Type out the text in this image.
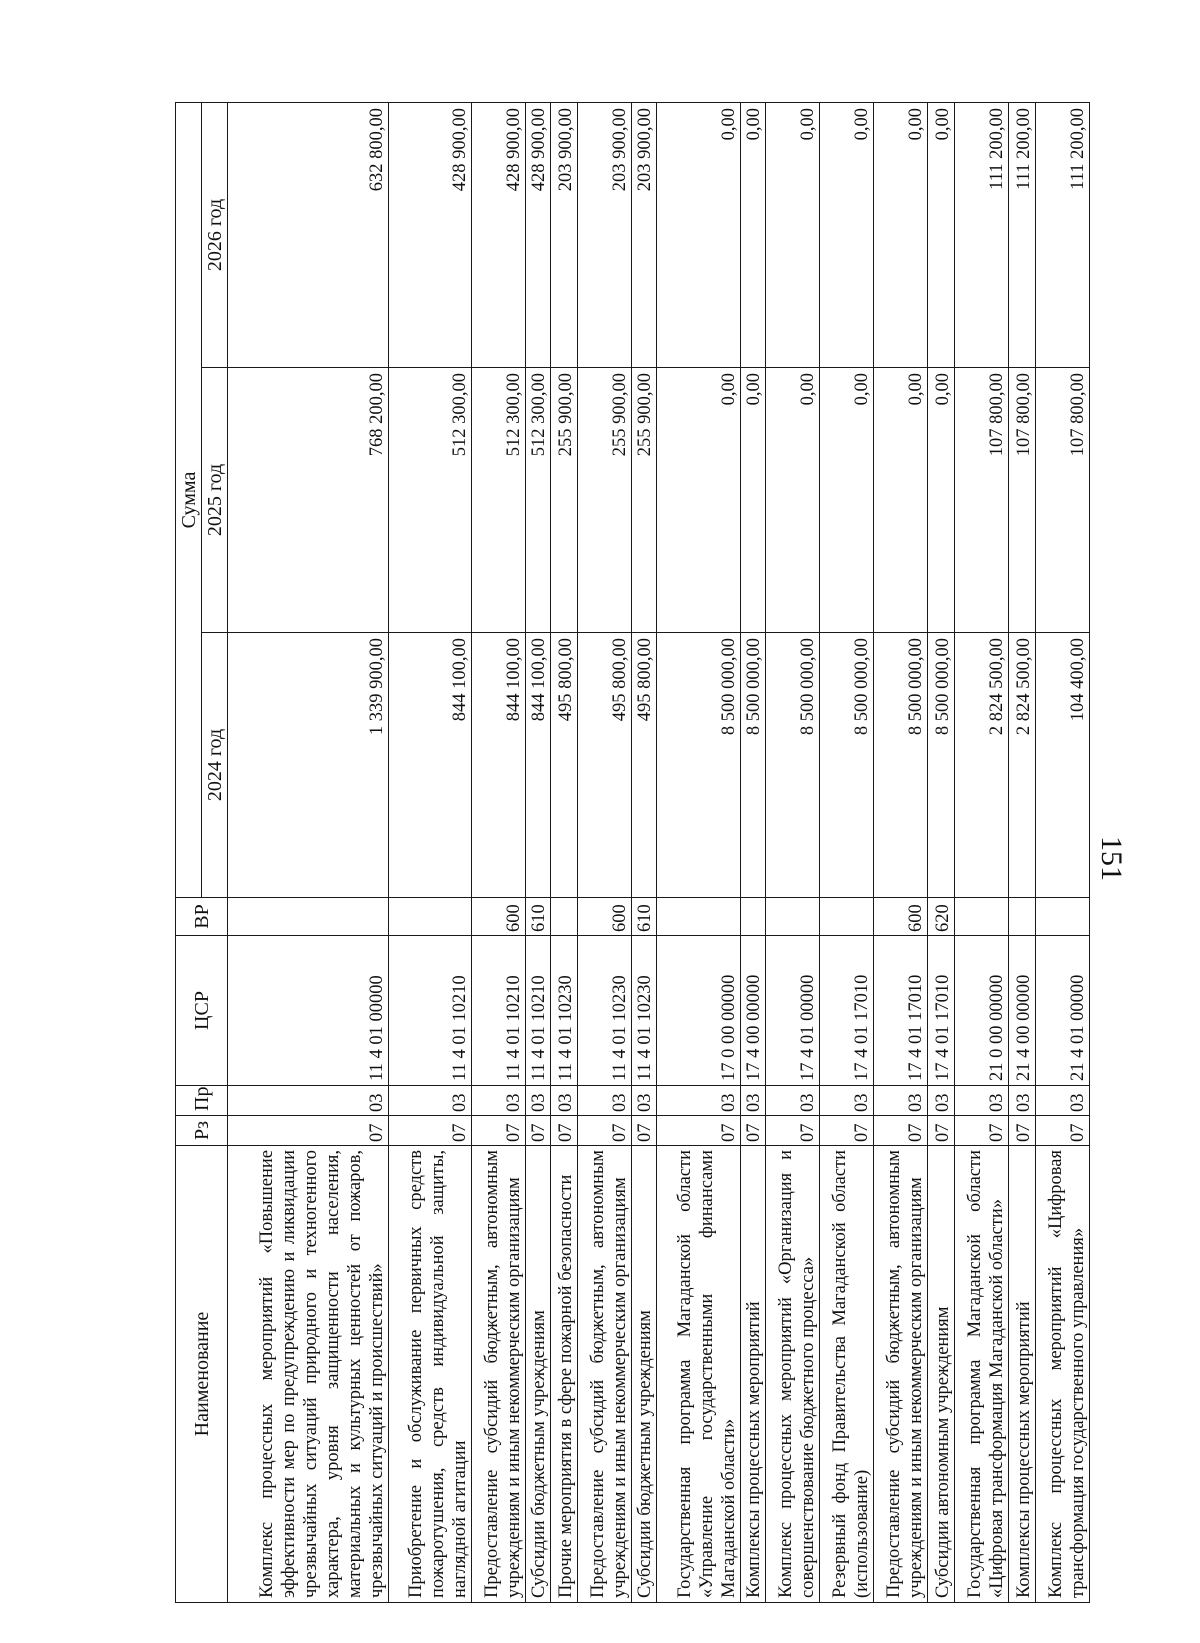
151
Наименование	Рз	Пр	ЦСР	ВР	Сумма		
					2024 год	2025 год	2026 год
Комплекс процессных мероприятий «Повышение эффективности мер по предупреждению и ликвидации чрезвычайных ситуаций природного и техногенного характера, уровня защищенности населения, материальных и культурных ценностей от пожаров, чрезвычайных ситуаций и происшествий»	07	03	11 4 01 00000		1 339 900,00	768 200,00	632 800,00
Приобретение и обслуживание первичных средств пожаротушения, средств индивидуальной защиты, наглядной агитации	07	03	11 4 01 10210		844 100,00	512 300,00	428 900,00
Предоставление субсидий бюджетным, автономным учреждениям и иным некоммерческим организациям	07	03	11 4 01 10210	600	844 100,00	512 300,00	428 900,00
Субсидии бюджетным учреждениям	07	03	11 4 01 10210	610	844 100,00	512 300,00	428 900,00
Прочие мероприятия в сфере пожарной безопасности	07	03	11 4 01 10230		495 800,00	255 900,00	203 900,00
Предоставление субсидий бюджетным, автономным учреждениям и иным некоммерческим организациям	07	03	11 4 01 10230	600	495 800,00	255 900,00	203 900,00
Субсидии бюджетным учреждениям	07	03	11 4 01 10230	610	495 800,00	255 900,00	203 900,00
Государственная программа Магаданской области «Управление государственными финансами Магаданской области»	07	03	17 0 00 00000		8 500 000,00	0,00	0,00
Комплексы процессных мероприятий	07	03	17 4 00 00000		8 500 000,00	0,00	0,00
Комплекс процессных мероприятий «Организация и совершенствование бюджетного процесса»	07	03	17 4 01 00000		8 500 000,00	0,00	0,00
Резервный фонд Правительства Магаданской области (использование)	07	03	17 4 01 17010		8 500 000,00	0,00	0,00
Предоставление субсидий бюджетным, автономным учреждениям и иным некоммерческим организациям	07	03	17 4 01 17010	600	8 500 000,00	0,00	0,00
Субсидии автономным учреждениям	07	03	17 4 01 17010	620	8 500 000,00	0,00	0,00
Государственная программа Магаданской области «Цифровая трансформация Магаданской области»	07	03	21 0 00 00000		2 824 500,00	107 800,00	111 200,00
Комплексы процессных мероприятий	07	03	21 4 00 00000		2 824 500,00	107 800,00	111 200,00
Комплекс процессных мероприятий «Цифровая трансформация государственного управления»	07	03	21 4 01 00000		104 400,00	107 800,00	111 200,00
